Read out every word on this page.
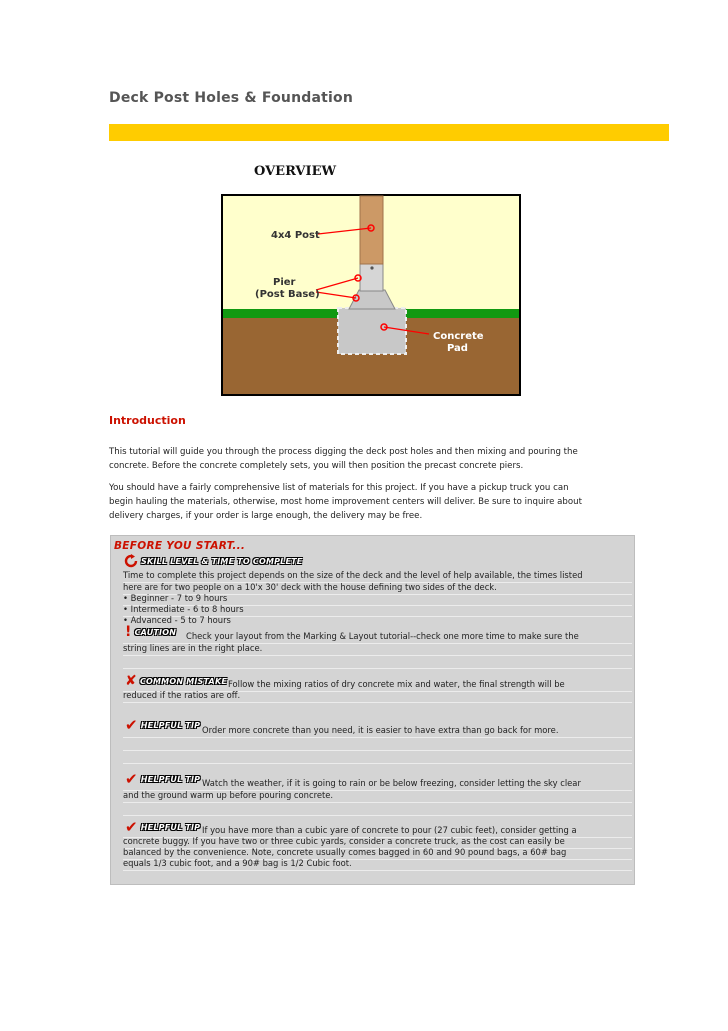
Deck Post Holes & Foundation
OVERVIEW
4x4 Post
Pier
(Post Base)
Concrete
Pad
Introduction
This tutorial will guide you through the process digging the deck post holes and then mixing and pouring the
concrete. Before the concrete completely sets, you will then position the precast concrete piers.
You should have a fairly comprehensive list of materials for this project. If you have a pickup truck you can
begin hauling the materials, otherwise, most home improvement centers will deliver. Be sure to inquire about
delivery charges, if your order is large enough, the delivery may be free.
BEFORE YOU START...
SKILL LEVEL & TIME TO COMPLETE
Time to complete this project depends on the size of the deck and the level of help available, the times listed
here are for two people on a 10'x 30' deck with the house defining two sides of the deck.
• Beginner - 7 to 9 hours
• Intermediate - 6 to 8 hours
• Advanced - 5 to 7 hours
! CAUTION Check your layout from the Marking & Layout tutorial--check one more time to make sure the
string lines are in the right place.
✘ COMMON MISTAKE Follow the mixing ratios of dry concrete mix and water, the final strength will be
reduced if the ratios are off.
✔ HELPFUL TIP Order more concrete than you need, it is easier to have extra than go back for more.
✔ HELPFUL TIP Watch the weather, if it is going to rain or be below freezing, consider letting the sky clear
and the ground warm up before pouring concrete.
✔ HELPFUL TIP If you have more than a cubic yare of concrete to pour (27 cubic feet), consider getting a
concrete buggy. If you have two or three cubic yards, consider a concrete truck, as the cost can easily be
balanced by the convenience. Note, concrete usually comes bagged in 60 and 90 pound bags, a 60# bag
equals 1/3 cubic foot, and a 90# bag is 1/2 Cubic foot.
